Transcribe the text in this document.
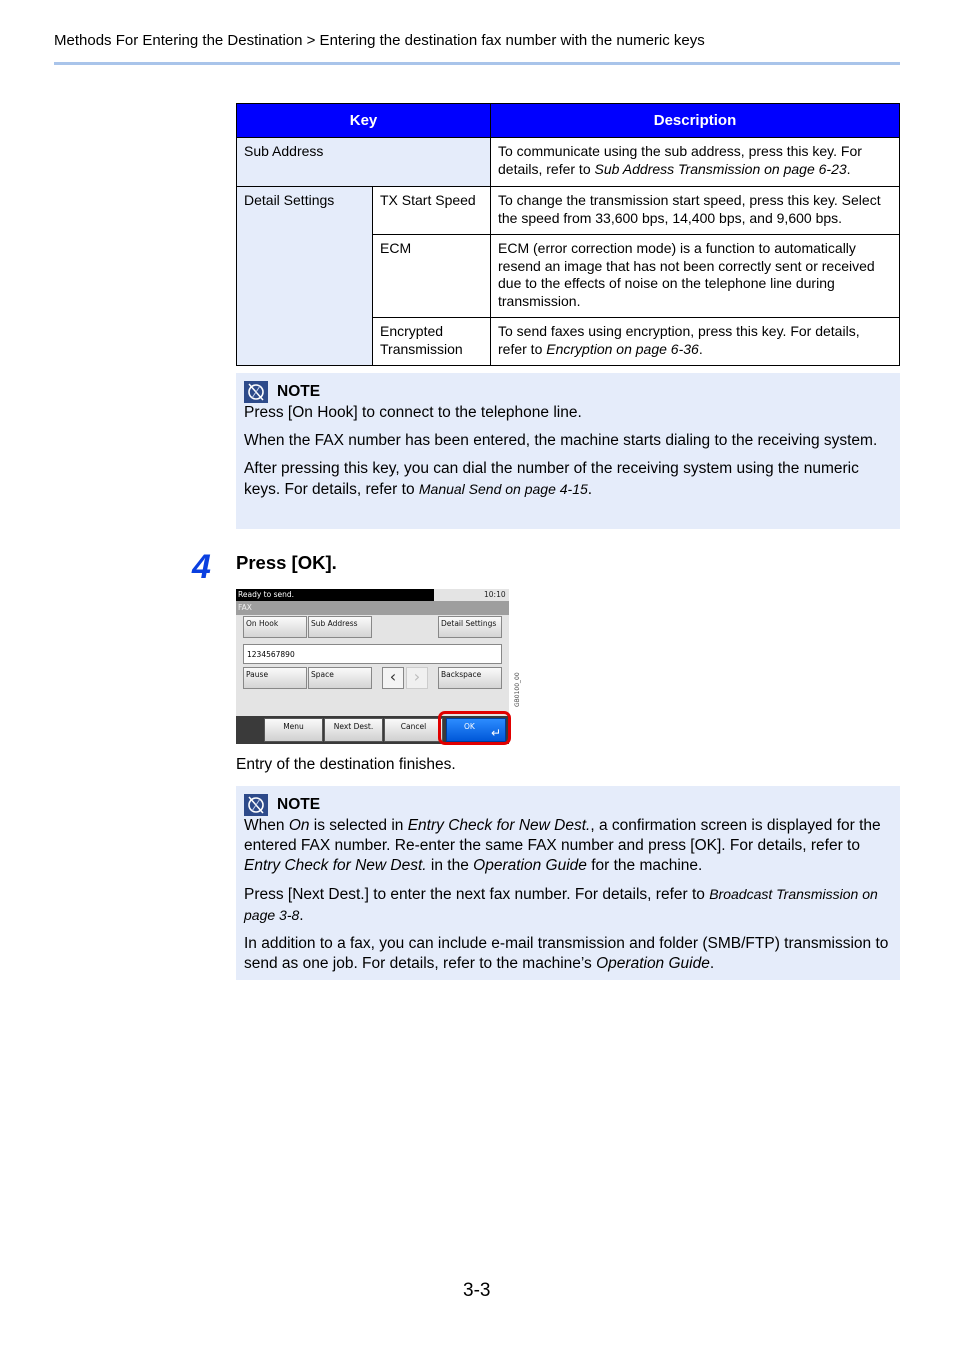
Methods For Entering the Destination > Entering the destination fax number with the numeric keys
Key		Description
Sub Address		To communicate using the sub address, press this key. For details, refer to Sub Address Transmission on page 6-23.
Detail Settings	TX Start Speed	To change the transmission start speed, press this key. Select the speed from 33,600 bps, 14,400 bps, and 9,600 bps.
	ECM	ECM (error correction mode) is a function to automatically resend an image that has not been correctly sent or received due to the effects of noise on the telephone line during transmission.
	Encrypted Transmission	To send faxes using encryption, press this key. For details, refer to Encryption on page 6-36.
NOTE

Press [On Hook] to connect to the telephone line.

When the FAX number has been entered, the machine starts dialing to the receiving system.

After pressing this key, you can dial the number of the receiving system using the numeric keys. For details, refer to Manual Send on page 4-15.

4 Press [OK].
Ready to send.	10:10
FAX
On Hook	Sub Address	Detail Settings
1234567890
Pause	Space	‹	›	Backspace
Menu	Next Dest.	Cancel	OK ↵
GB0100_00
Entry of the destination finishes.
NOTE

When On is selected in Entry Check for New Dest., a confirmation screen is displayed for the entered FAX number. Re-enter the same FAX number and press [OK]. For details, refer to Entry Check for New Dest. in the Operation Guide for the machine.

Press [Next Dest.] to enter the next fax number. For details, refer to Broadcast Transmission on page 3-8.

In addition to a fax, you can include e-mail transmission and folder (SMB/FTP) transmission to send as one job. For details, refer to the machine’s Operation Guide.

3-3
